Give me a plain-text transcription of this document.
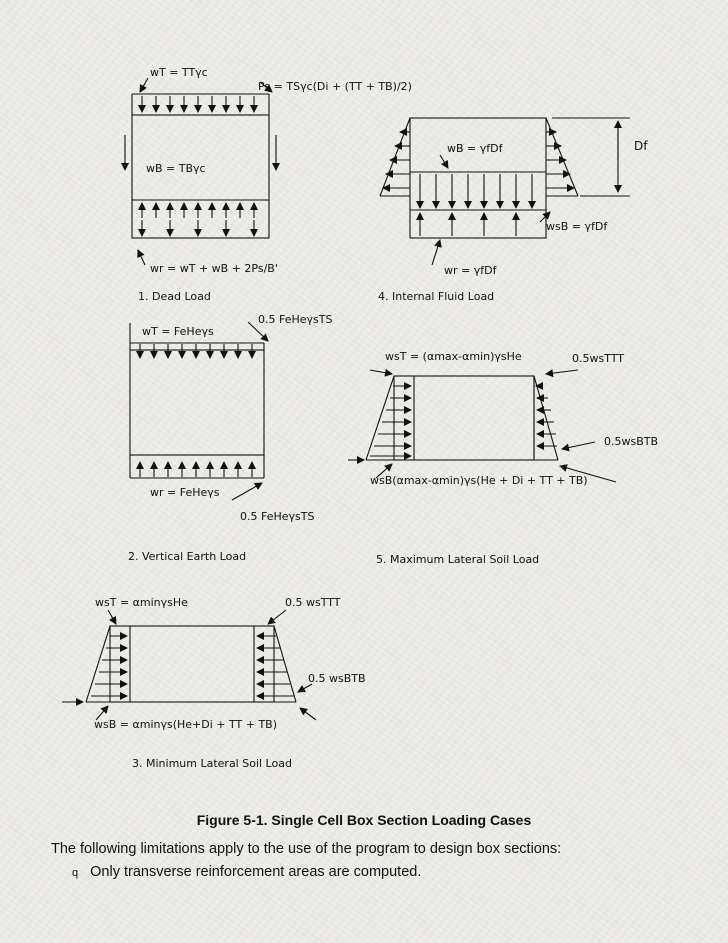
wT = TTγc
Ps = TSγc(Di + (TT + TB)/2)
wB = TBγc
wr = wT + wB + 2Ps/B'
1. Dead Load
wB = γfDf	Df
wsB = γfDf
wr = γfDf
4. Internal Fluid Load
wT = FeHeγs
0.5 FeHeγsTS
wr = FeHeγs
0.5 FeHeγsTS
2. Vertical Earth Load
wsT = (αmax-αmin)γsHe	0.5wsTTT
0.5wsBTB
wsB(αmax-αmin)γs(He + Di + TT + TB)
5. Maximum Lateral Soil Load
wsT = αminγsHe	0.5 wsTTT
0.5 wsBTB
wsB = αminγs(He+Di + TT + TB)
3. Minimum Lateral Soil Load
Figure 5-1. Single Cell Box Section Loading Cases
The following limitations apply to the use of the program to design box sections:
q Only transverse reinforcement areas are computed.
